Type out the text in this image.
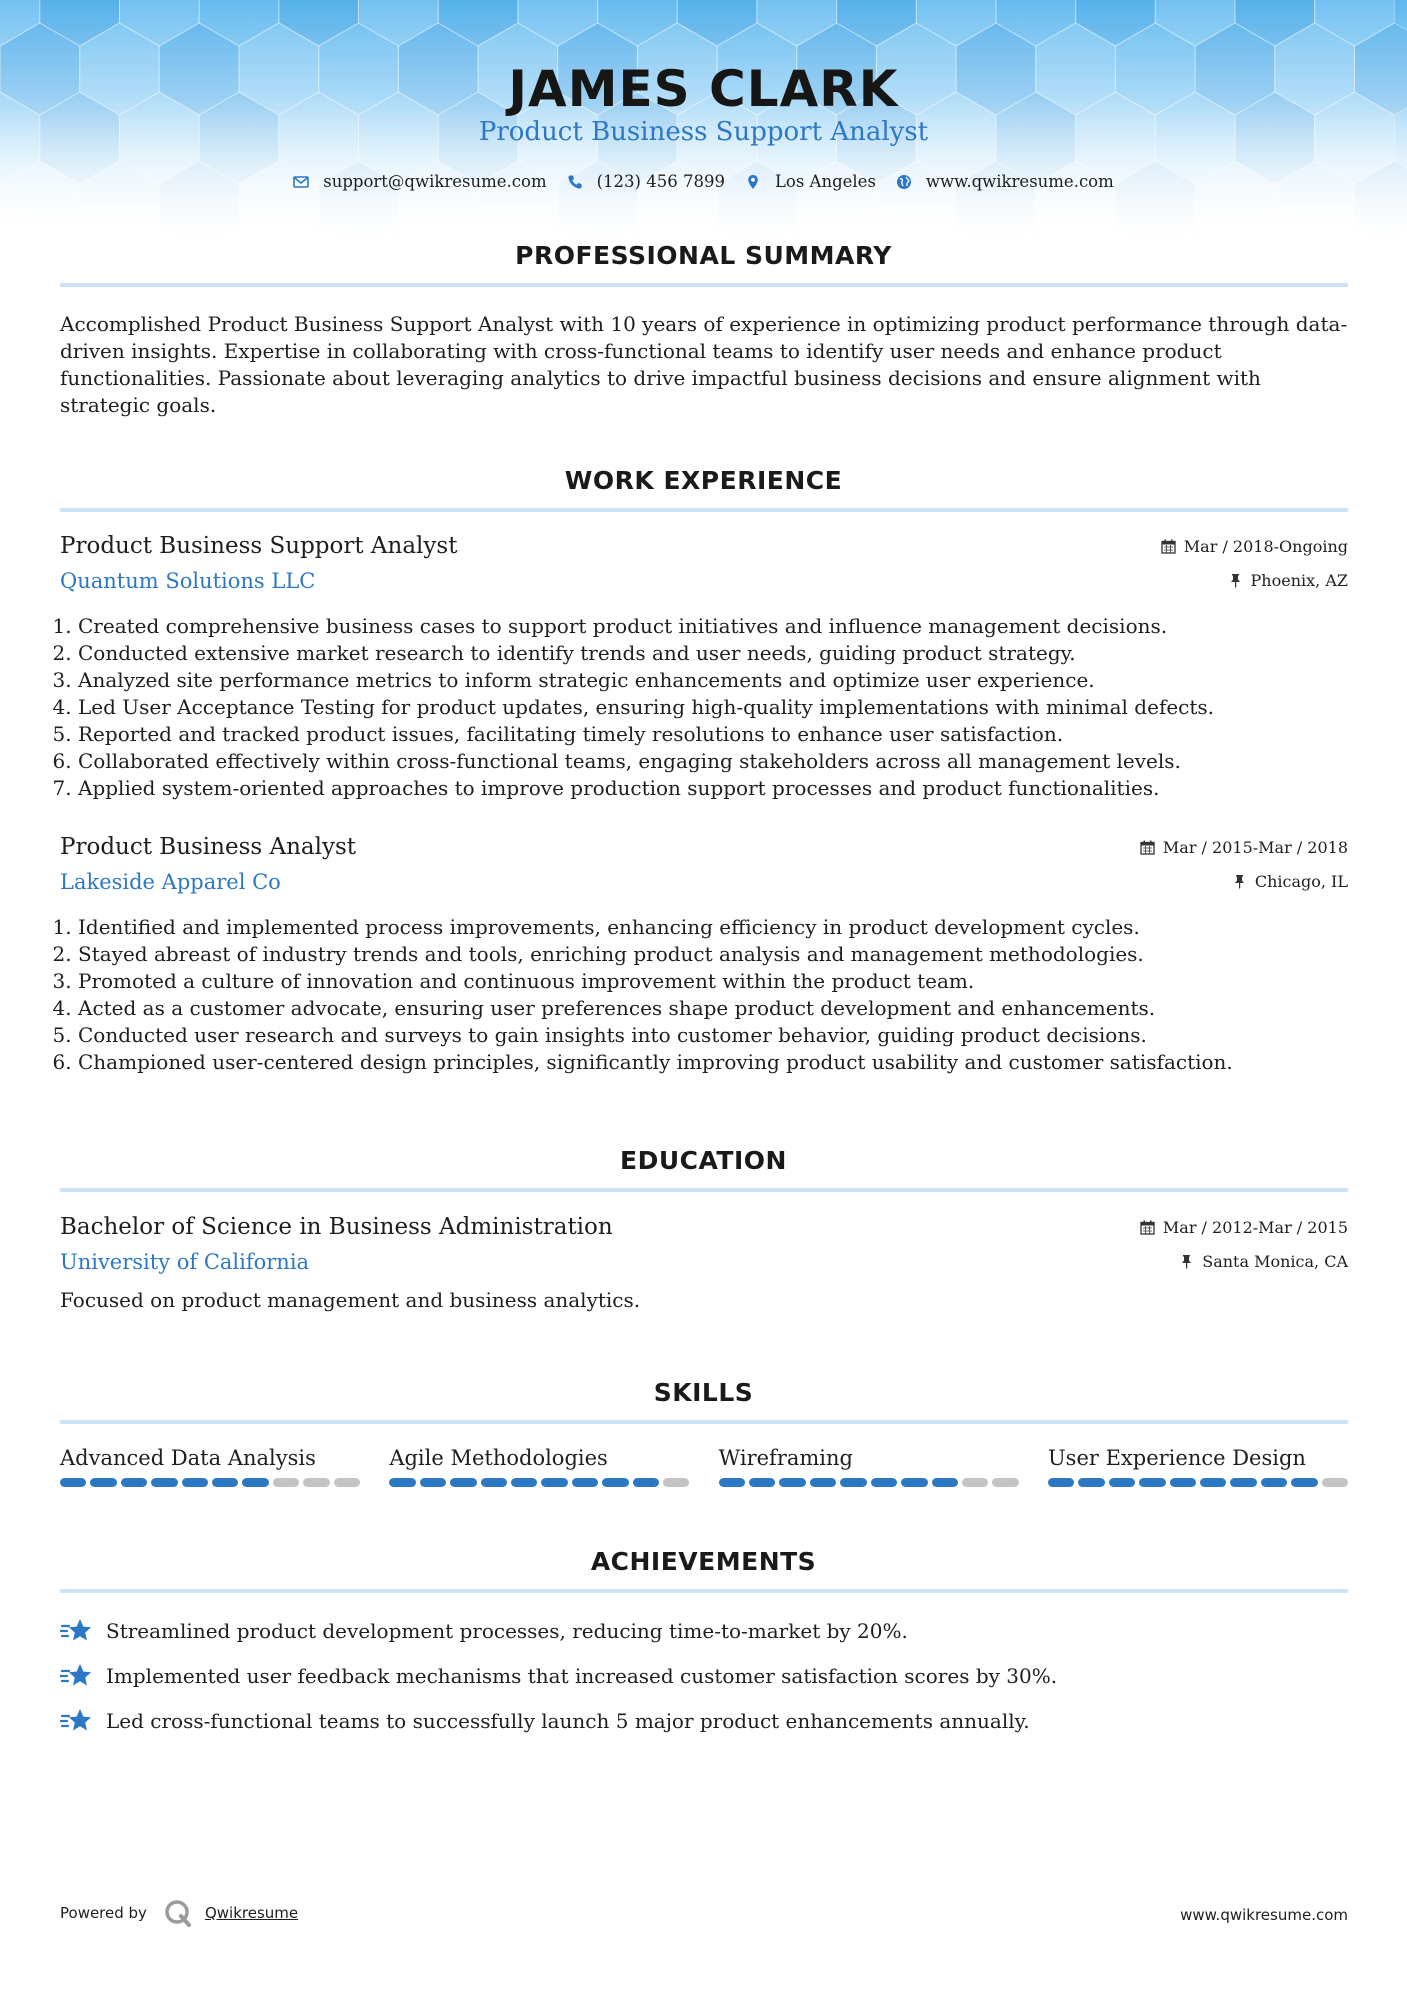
JAMES CLARK
Product Business Support Analyst
support@qwikresume.com	(123) 456 7899	Los Angeles	www.qwikresume.com
PROFESSIONAL SUMMARY
Accomplished Product Business Support Analyst with 10 years of experience in optimizing product performance through data-driven insights. Expertise in collaborating with cross-functional teams to identify user needs and enhance product functionalities. Passionate about leveraging analytics to drive impactful business decisions and ensure alignment with strategic goals.
WORK EXPERIENCE
Product Business Support Analyst	Mar / 2018-Ongoing
Quantum Solutions LLC	Phoenix, AZ
1. Created comprehensive business cases to support product initiatives and influence management decisions.
2. Conducted extensive market research to identify trends and user needs, guiding product strategy.
3. Analyzed site performance metrics to inform strategic enhancements and optimize user experience.
4. Led User Acceptance Testing for product updates, ensuring high-quality implementations with minimal defects.
5. Reported and tracked product issues, facilitating timely resolutions to enhance user satisfaction.
6. Collaborated effectively within cross-functional teams, engaging stakeholders across all management levels.
7. Applied system-oriented approaches to improve production support processes and product functionalities.
Product Business Analyst	Mar / 2015-Mar / 2018
Lakeside Apparel Co	Chicago, IL
1. Identified and implemented process improvements, enhancing efficiency in product development cycles.
2. Stayed abreast of industry trends and tools, enriching product analysis and management methodologies.
3. Promoted a culture of innovation and continuous improvement within the product team.
4. Acted as a customer advocate, ensuring user preferences shape product development and enhancements.
5. Conducted user research and surveys to gain insights into customer behavior, guiding product decisions.
6. Championed user-centered design principles, significantly improving product usability and customer satisfaction.
EDUCATION
Bachelor of Science in Business Administration	Mar / 2012-Mar / 2015
University of California	Santa Monica, CA
Focused on product management and business analytics.
SKILLS
Advanced Data Analysis	Agile Methodologies	Wireframing	User Experience Design
ACHIEVEMENTS
Streamlined product development processes, reducing time-to-market by 20%.
Implemented user feedback mechanisms that increased customer satisfaction scores by 30%.
Led cross-functional teams to successfully launch 5 major product enhancements annually.
Powered by	Qwikresume	www.qwikresume.com
